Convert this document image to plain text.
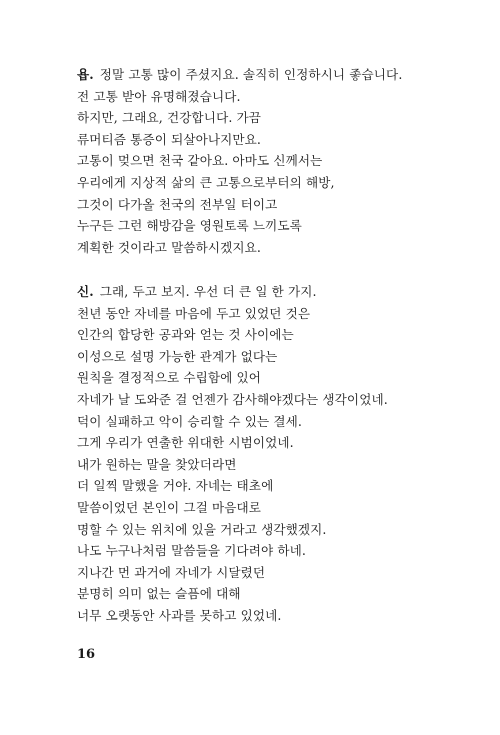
욥. 정말 고통 많이 주셨지요. 솔직히 인정하시니 좋습니다.
전 고통 받아 유명해졌습니다.
하지만, 그래요, 건강합니다. 가끔
류머티즘 통증이 되살아나지만요.
고통이 멎으면 천국 같아요. 아마도 신께서는
우리에게 지상적 삶의 큰 고통으로부터의 해방,
그것이 다가올 천국의 전부일 터이고
누구든 그런 해방감을 영원토록 느끼도록
계획한 것이라고 말씀하시겠지요.
신. 그래, 두고 보지. 우선 더 큰 일 한 가지.
천년 동안 자네를 마음에 두고 있었던 것은
인간의 합당한 공과와 얻는 것 사이에는
이성으로 설명 가능한 관계가 없다는
원칙을 결정적으로 수립함에 있어
자네가 날 도와준 걸 언젠가 감사해야겠다는 생각이었네.
덕이 실패하고 악이 승리할 수 있는 결세.
그게 우리가 연출한 위대한 시범이었네.
내가 원하는 말을 찾았더라면
더 일찍 말했을 거야. 자네는 태초에
말씀이었던 본인이 그걸 마음대로
명할 수 있는 위치에 있을 거라고 생각했겠지.
나도 누구나처럼 말씀들을 기다려야 하네.
지나간 먼 과거에 자네가 시달렸던
분명히 의미 없는 슬픔에 대해
너무 오랫동안 사과를 못하고 있었네.
16
